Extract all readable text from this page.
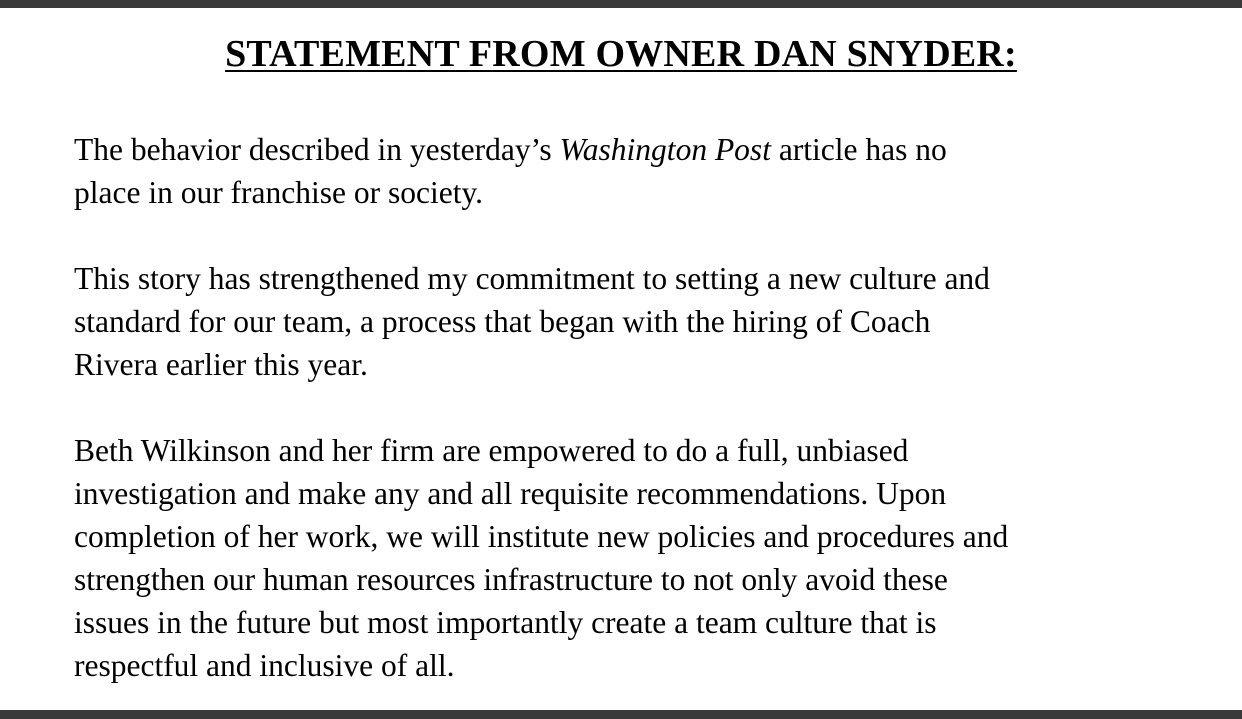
STATEMENT FROM OWNER DAN SNYDER:

The behavior described in yesterday’s Washington Post article has no
place in our franchise or society.

This story has strengthened my commitment to setting a new culture and
standard for our team, a process that began with the hiring of Coach
Rivera earlier this year.

Beth Wilkinson and her firm are empowered to do a full, unbiased
investigation and make any and all requisite recommendations. Upon
completion of her work, we will institute new policies and procedures and
strengthen our human resources infrastructure to not only avoid these
issues in the future but most importantly create a team culture that is
respectful and inclusive of all.
